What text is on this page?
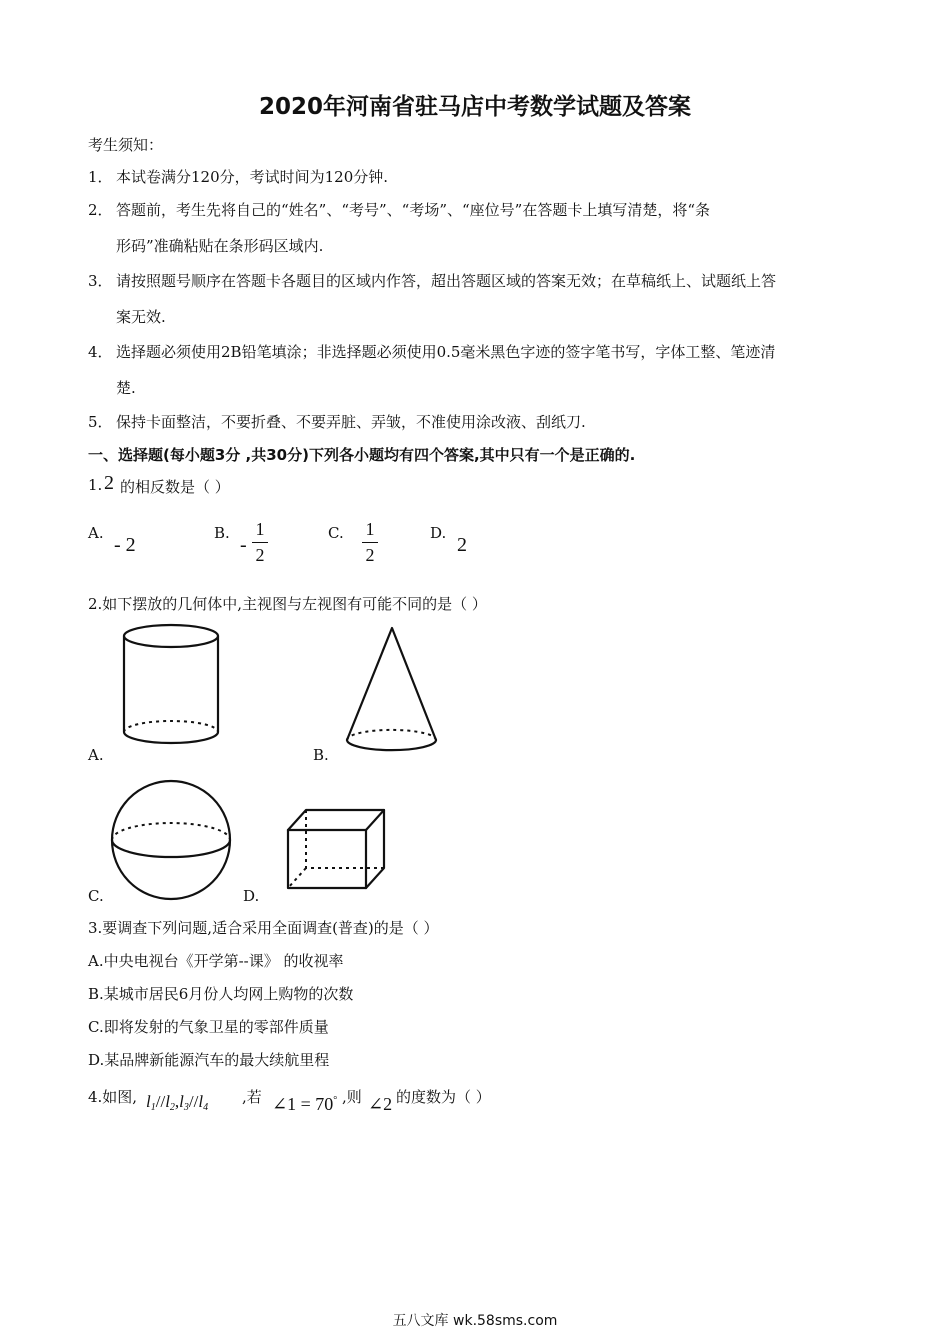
2020年河南省驻马店中考数学试题及答案
考生须知：
1． 本试卷满分120分，考试时间为120分钟.
2． 答题前，考生先将自己的“姓名”、“考号”、“考场”、“座位号”在答题卡上填写清楚，将“条
形码”准确粘贴在条形码区域内.
3． 请按照题号顺序在答题卡各题目的区域内作答，超出答题区域的答案无效；在草稿纸上、试题纸上答
案无效.
4． 选择题必须使用2B铅笔填涂；非选择题必须使用0.5毫米黑色字迹的签字笔书写，字体工整、笔迹清
楚.
5． 保持卡面整洁，不要折叠、不要弄脏、弄皱，不准使用涂改液、刮纸刀.
一、选择题(每小题3分 ,共30分)下列各小题均有四个答案,其中只有一个是正确的.
1. 2 的相反数是（ ）
A.
- 2
B.
-
1
2
C. 1
2
D.
2
2.如下摆放的几何体中,主视图与左视图有可能不同的是（ ）
A.	B.
C.	D.
3.要调查下列问题,适合采用全面调查(普查)的是（ ）
A.中央电视台《开学第--课》 的收视率
B.某城市居民6月份人均网上购物的次数
C.即将发射的气象卫星的零部件质量
D.某品牌新能源汽车的最大续航里程
4.如图, $l_1//l_2,l_3//l_4$
,若 ∠1 = 70° ,则 ∠2 的度数为（ ）
五八文库 wk.58sms.com
